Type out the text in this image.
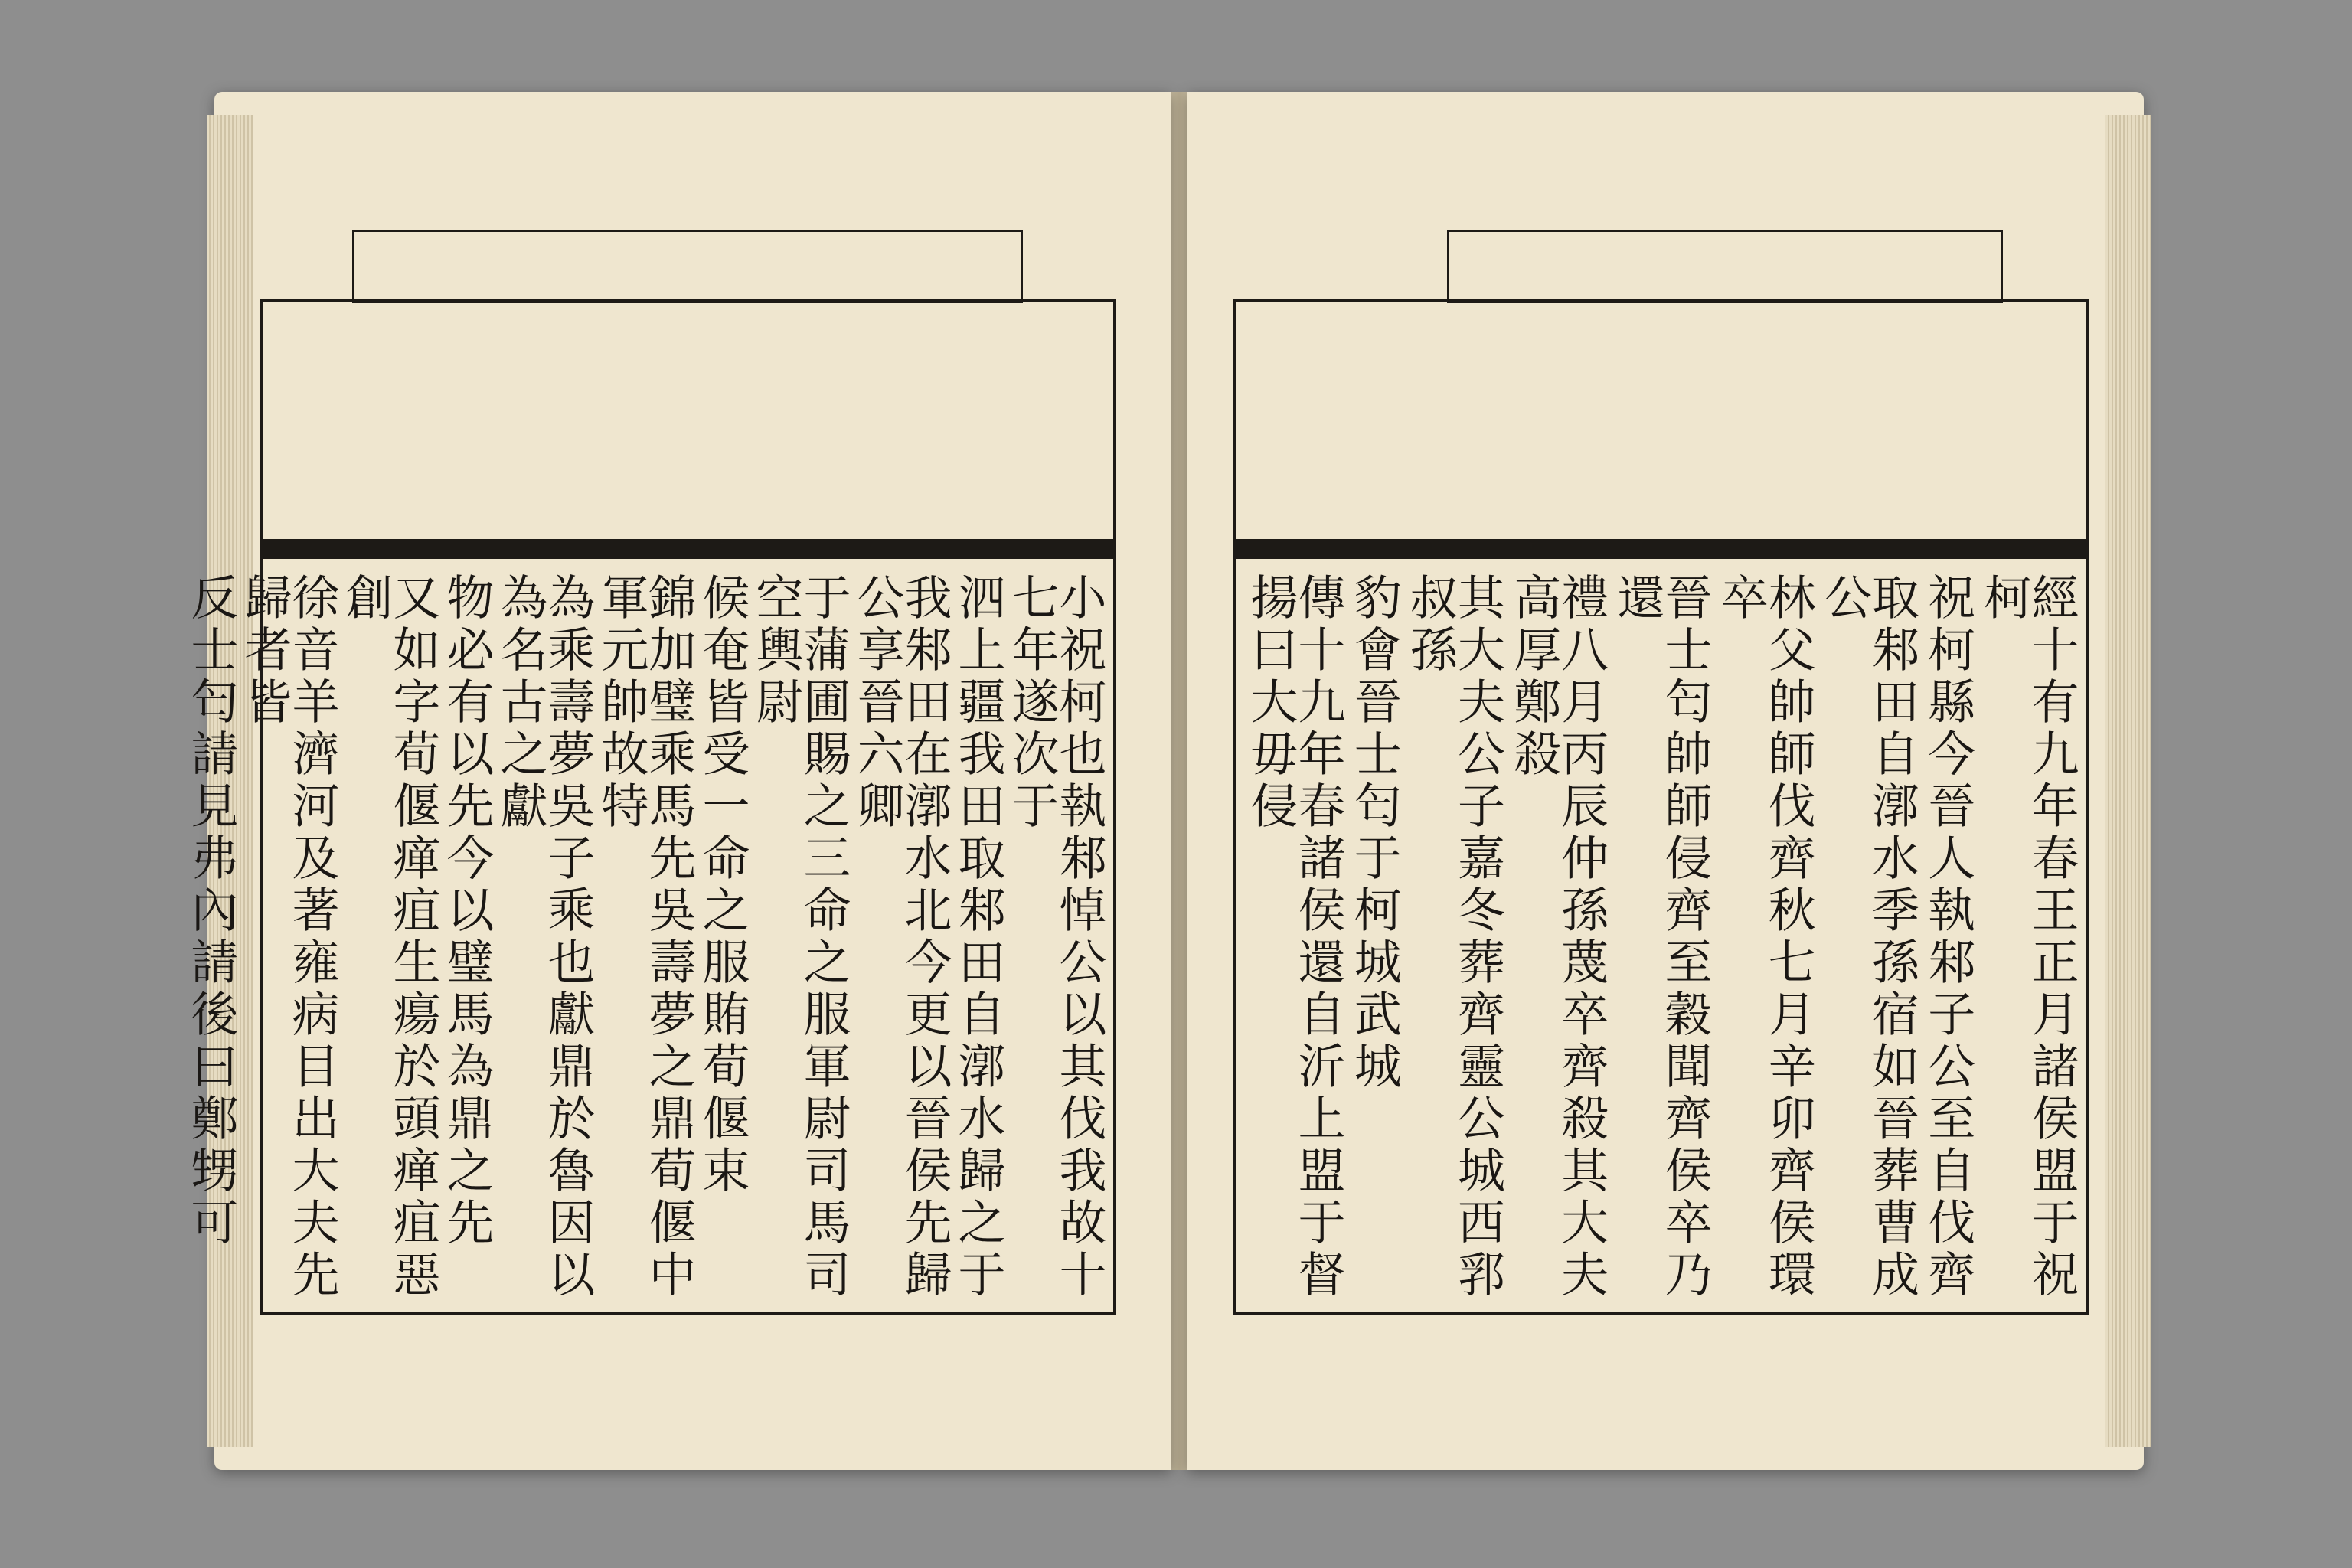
小祝柯也執邾悼公以其伐我故十七年遂次于
泗上疆我田取邾田自漷水歸之于
我邾田在漷水北今更以晉侯先歸公享晉六卿
于蒲圃賜之三命之服軍尉司馬司空輿尉
候奄皆受一命之服賄荀偃束
錦加璧乘馬先吳壽夢之鼎荀偃中軍元帥故特
為乘壽夢吳子乘也獻鼎於魯因以為名古之獻
物必有以先今以璧馬為鼎之先
又如字荀偃瘅疽生瘍於頭瘅疽惡創
徐音羊濟河及著雍病目出大夫先歸者皆
反士匄請見弗內請後曰鄭甥可	經十有九年春王正月諸侯盟于祝柯
祝柯縣今晉人執邾子公至自伐齊
取邾田自漷水季孫宿如晉葬曹成公
林父帥師伐齊秋七月辛卯齊侯環卒
晉士匄帥師侵齊至穀聞齊侯卒乃還
禮八月丙辰仲孫蔑卒齊殺其大夫高厚鄭殺
其大夫公子嘉冬葬齊靈公城西郛叔孫
豹會晉士匄于柯城武城
傳十九年春諸侯還自沂上盟于督揚曰大毋侵
